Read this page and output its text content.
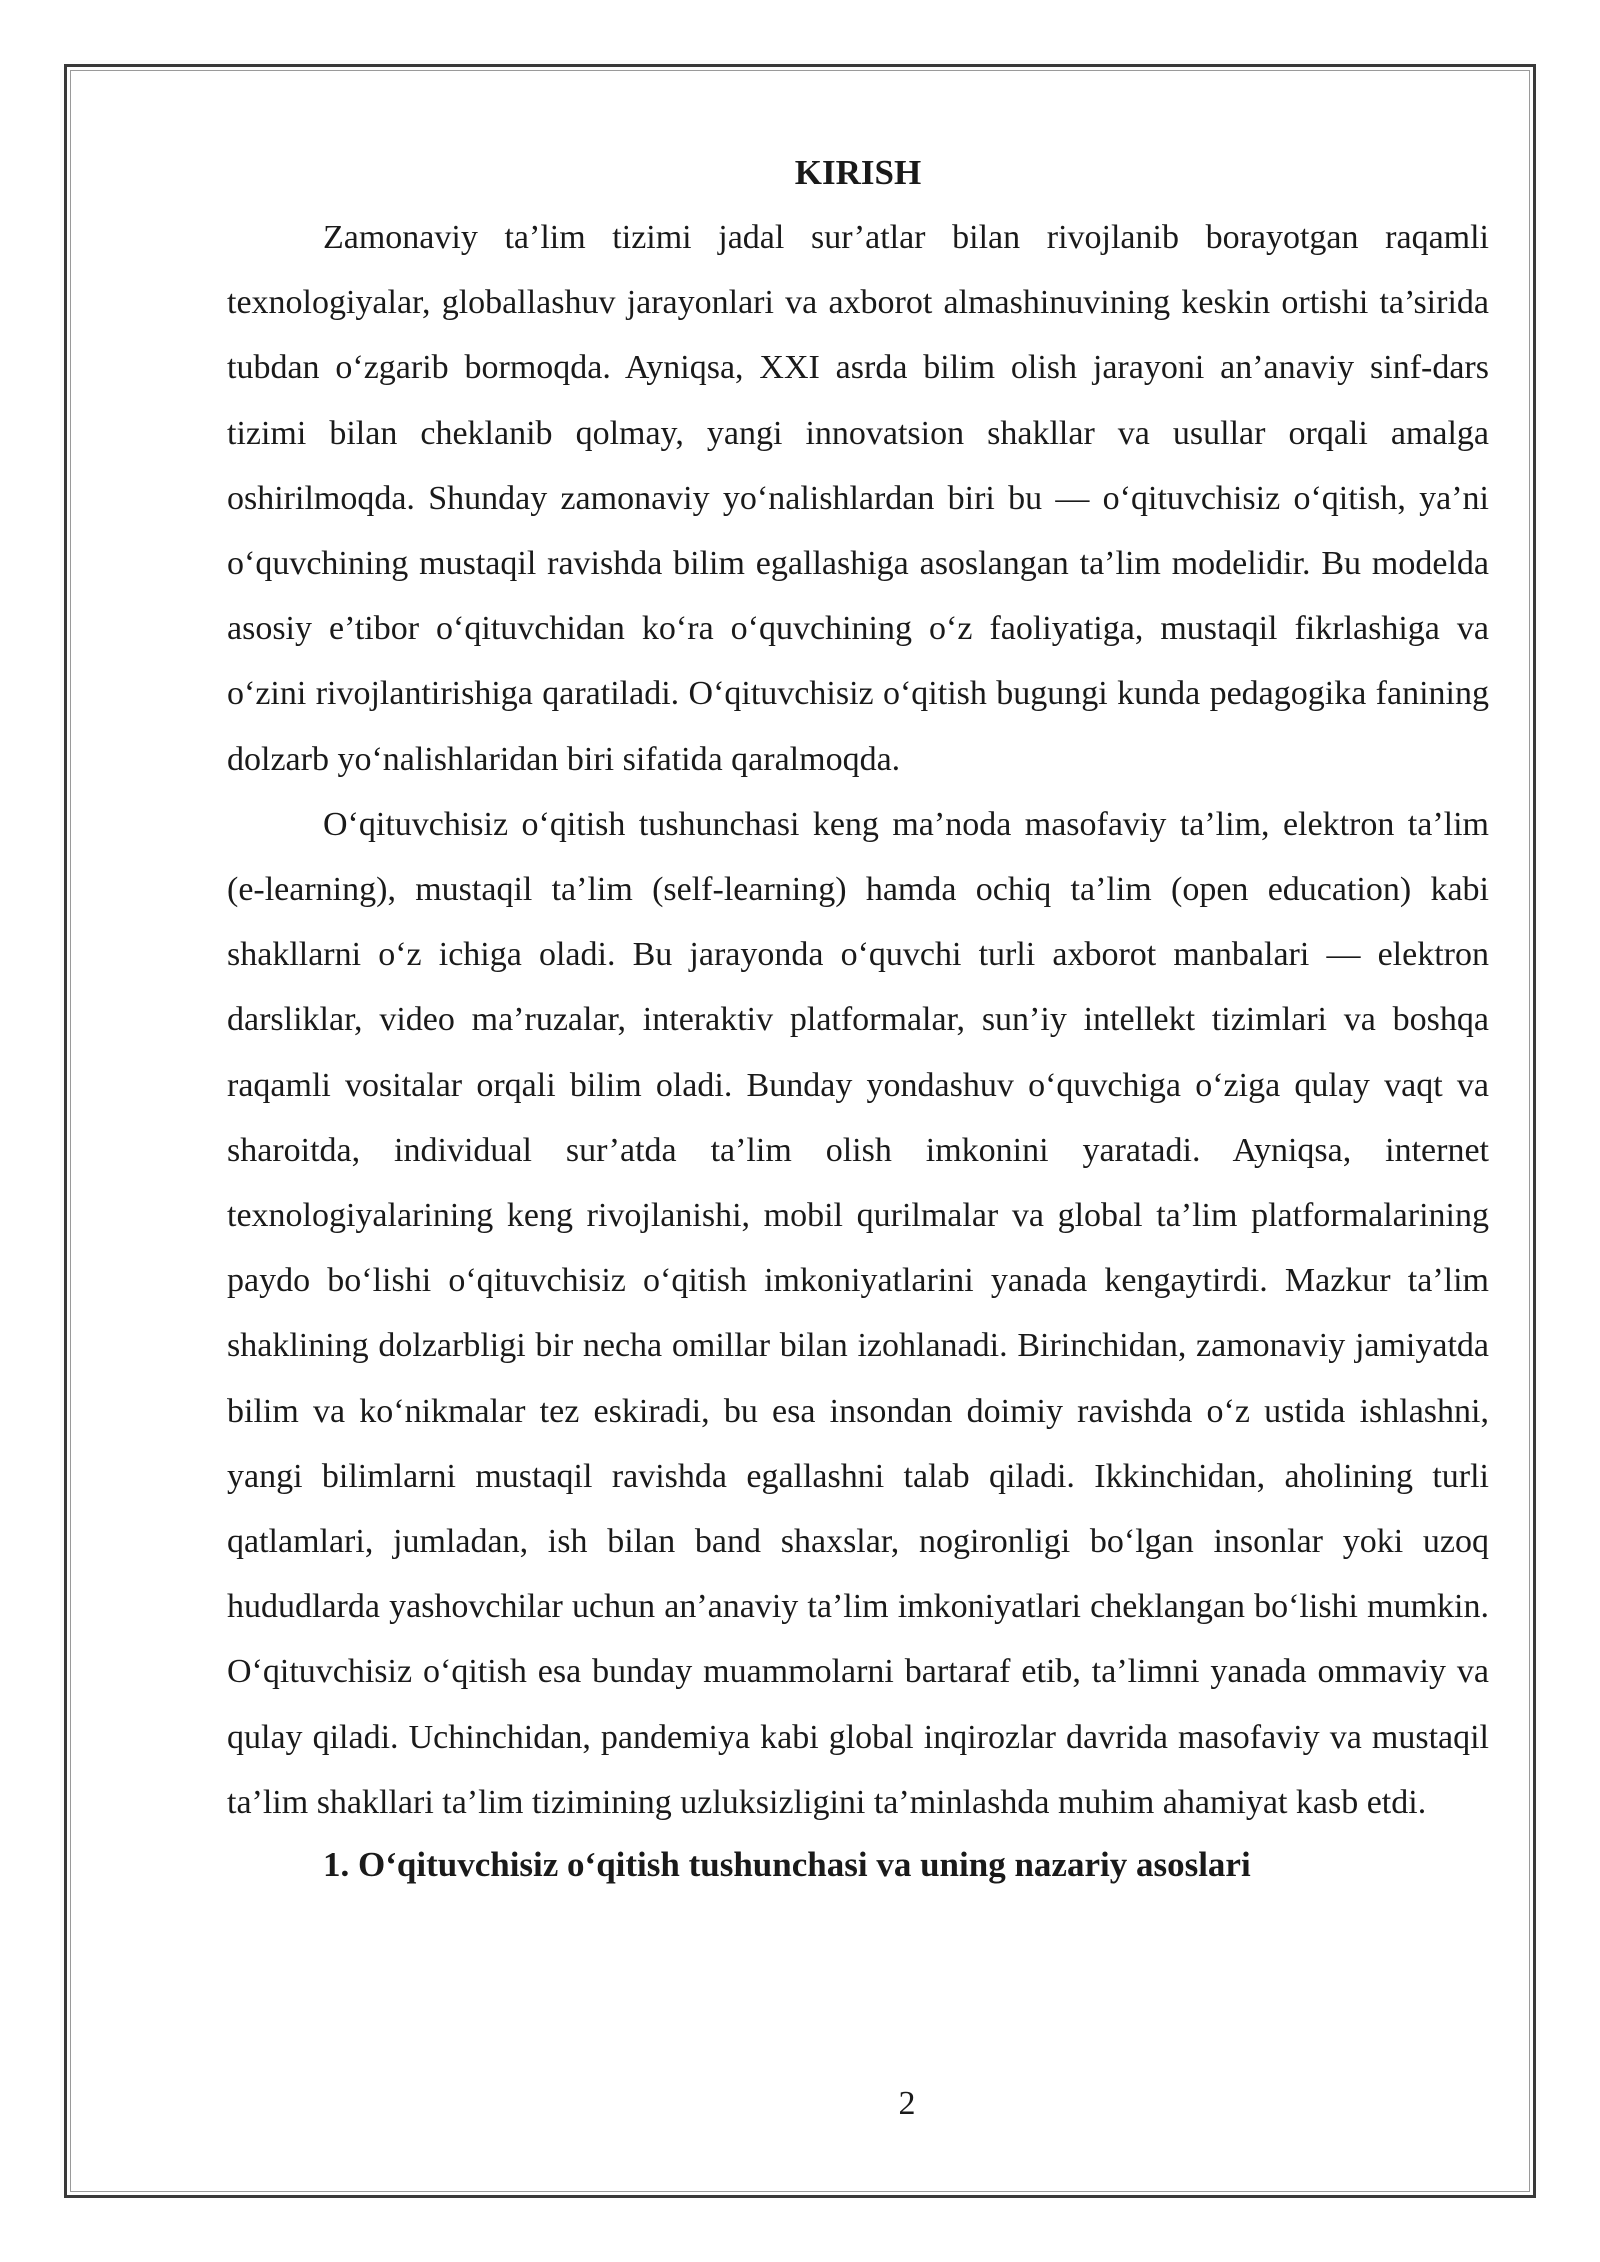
KIRISH

Zamonaviy ta’lim tizimi jadal sur’atlar bilan rivojlanib borayotgan raqamli texnologiyalar, globallashuv jarayonlari va axborot almashinuvining keskin ortishi ta’sirida tubdan o‘zgarib bormoqda. Ayniqsa, XXI asrda bilim olish jarayoni an’anaviy sinf-dars tizimi bilan cheklanib qolmay, yangi innovatsion shakllar va usullar orqali amalga oshirilmoqda. Shunday zamonaviy yo‘nalishlardan biri bu — o‘qituvchisiz o‘qitish, ya’ni o‘quvchining mustaqil ravishda bilim egallashiga asoslangan ta’lim modelidir. Bu modelda asosiy e’tibor o‘qituvchidan ko‘ra o‘quvchining o‘z faoliyatiga, mustaqil fikrlashiga va o‘zini rivojlantirishiga qaratiladi. O‘qituvchisiz o‘qitish bugungi kunda pedagogika fanining dolzarb yo‘nalishlaridan biri sifatida qaralmoqda.

O‘qituvchisiz o‘qitish tushunchasi keng ma’noda masofaviy ta’lim, elektron ta’lim (e-learning), mustaqil ta’lim (self-learning) hamda ochiq ta’lim (open education) kabi shakllarni o‘z ichiga oladi. Bu jarayonda o‘quvchi turli axborot manbalari — elektron darsliklar, video ma’ruzalar, interaktiv platformalar, sun’iy intellekt tizimlari va boshqa raqamli vositalar orqali bilim oladi. Bunday yondashuv o‘quvchiga o‘ziga qulay vaqt va sharoitda, individual sur’atda ta’lim olish imkonini yaratadi. Ayniqsa, internet texnologiyalarining keng rivojlanishi, mobil qurilmalar va global ta’lim platformalarining paydo bo‘lishi o‘qituvchisiz o‘qitish imkoniyatlarini yanada kengaytirdi. Mazkur ta’lim shaklining dolzarbligi bir necha omillar bilan izohlanadi. Birinchidan, zamonaviy jamiyatda bilim va ko‘nikmalar tez eskiradi, bu esa insondan doimiy ravishda o‘z ustida ishlashni, yangi bilimlarni mustaqil ravishda egallashni talab qiladi. Ikkinchidan, aholining turli qatlamlari, jumladan, ish bilan band shaxslar, nogironligi bo‘lgan insonlar yoki uzoq hududlarda yashovchilar uchun an’anaviy ta’lim imkoniyatlari cheklangan bo‘lishi mumkin. O‘qituvchisiz o‘qitish esa bunday muammolarni bartaraf etib, ta’limni yanada ommaviy va qulay qiladi. Uchinchidan, pandemiya kabi global inqirozlar davrida masofaviy va mustaqil ta’lim shakllari ta’lim tizimining uzluksizligini ta’minlashda muhim ahamiyat kasb etdi.

1. O‘qituvchisiz o‘qitish tushunchasi va uning nazariy asoslari
2
